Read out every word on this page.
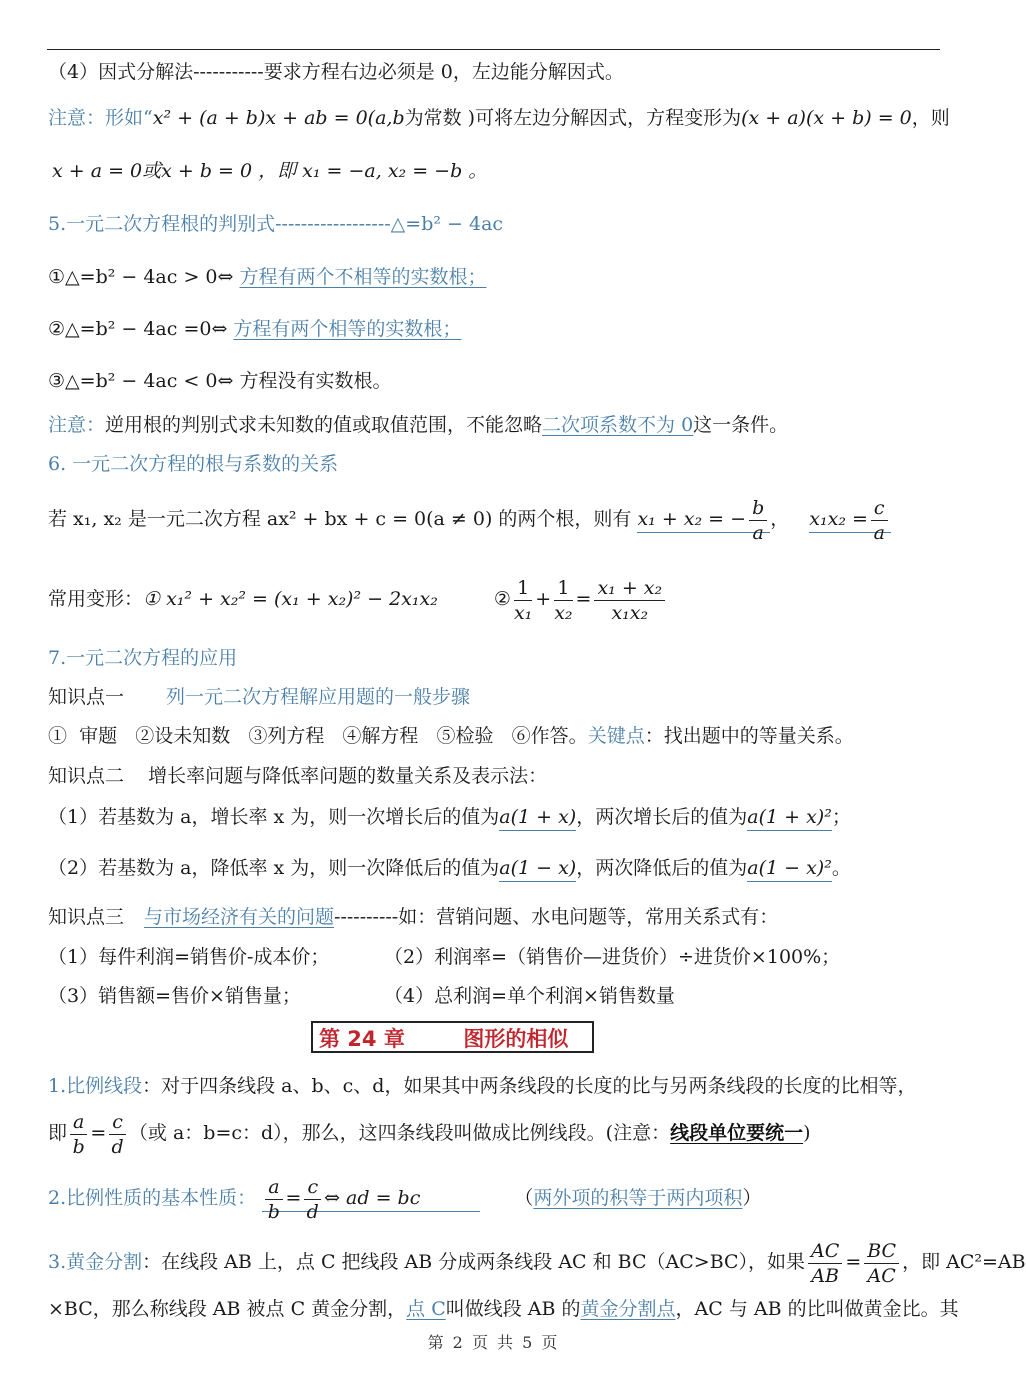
（4）因式分解法-----------要求方程右边必须是 0，左边能分解因式。
注意：形如“x² + (a + b)x + ab = 0(a,b为常数 )可将左边分解因式，方程变形为(x + a)(x + b) = 0，则
x + a = 0或x + b = 0 ，即 x₁ = −a, x₂ = −b 。
5.一元二次方程根的判别式------------------△=b² − 4ac
①△=b² − 4ac > 0⇔ 方程有两个不相等的实数根；
②△=b² − 4ac =0⇔ 方程有两个相等的实数根；
③△=b² − 4ac < 0⇔ 方程没有实数根。
注意：逆用根的判别式求未知数的值或取值范围，不能忽略二次项系数不为 0这一条件。
6. 一元二次方程的根与系数的关系
若 x₁, x₂ 是一元二次方程 ax² + bx + c = 0(a ≠ 0) 的两个根，则有 x₁ + x₂ = − $\frac{b}{a}$ ， $x_1x_2 = \frac{c}{a}$
常用变形：① x₁² + x₂² = (x₁ + x₂)² − 2x₁x₂	② $\frac{1}{\text{x₁}} + \frac{1}{\text{x₂}} = \frac{\text{x₁ + x₂}}{\text{x₁x₂}}$
7.一元二次方程的应用
知识点一 列一元二次方程解应用题的一般步骤
①  审题   ②设未知数   ③列方程   ④解方程   ⑤检验   ⑥作答。关键点：找出题中的等量关系。
知识点二    增长率问题与降低率问题的数量关系及表示法：
（1）若基数为 a，增长率 x 为，则一次增长后的值为a(1 + x)，两次增长后的值为a(1 + x)²；
（2）若基数为 a，降低率 x 为，则一次降低后的值为a(1 − x)，两次降低后的值为a(1 − x)²。
知识点三 与市场经济有关的问题----------如：营销问题、水电问题等，常用关系式有：
（1）每件利润=销售价-成本价；	（2）利润率=（销售价—进货价）÷进货价×100%；
（3）销售额=售价×销售量；	（4）总利润=单个利润×销售数量
第 24 章        图形的相似
1.比例线段：对于四条线段 a、b、c、d，如果其中两条线段的长度的比与另两条线段的长度的比相等，
即 $\frac{a}{b} = \frac{c}{d}$ （或 a：b=c：d），那么，这四条线段叫做成比例线段。(注意：线段单位要统一)
2.比例性质的基本性质： $\frac{a}{b} = \frac{c}{d}$ ⇔ ad = bc	（两外项的积等于两内项积）
3.黄金分割：在线段 AB 上，点 C 把线段 AB 分成两条线段 AC 和 BC（AC>BC），如果 $\frac{AC}{AB} = \frac{BC}{AC}$ ，即 AC²=AB
×BC，那么称线段 AB 被点 C 黄金分割，点 C叫做线段 AB 的黄金分割点，AC 与 AB 的比叫做黄金比。其
第 2 页 共 5 页
